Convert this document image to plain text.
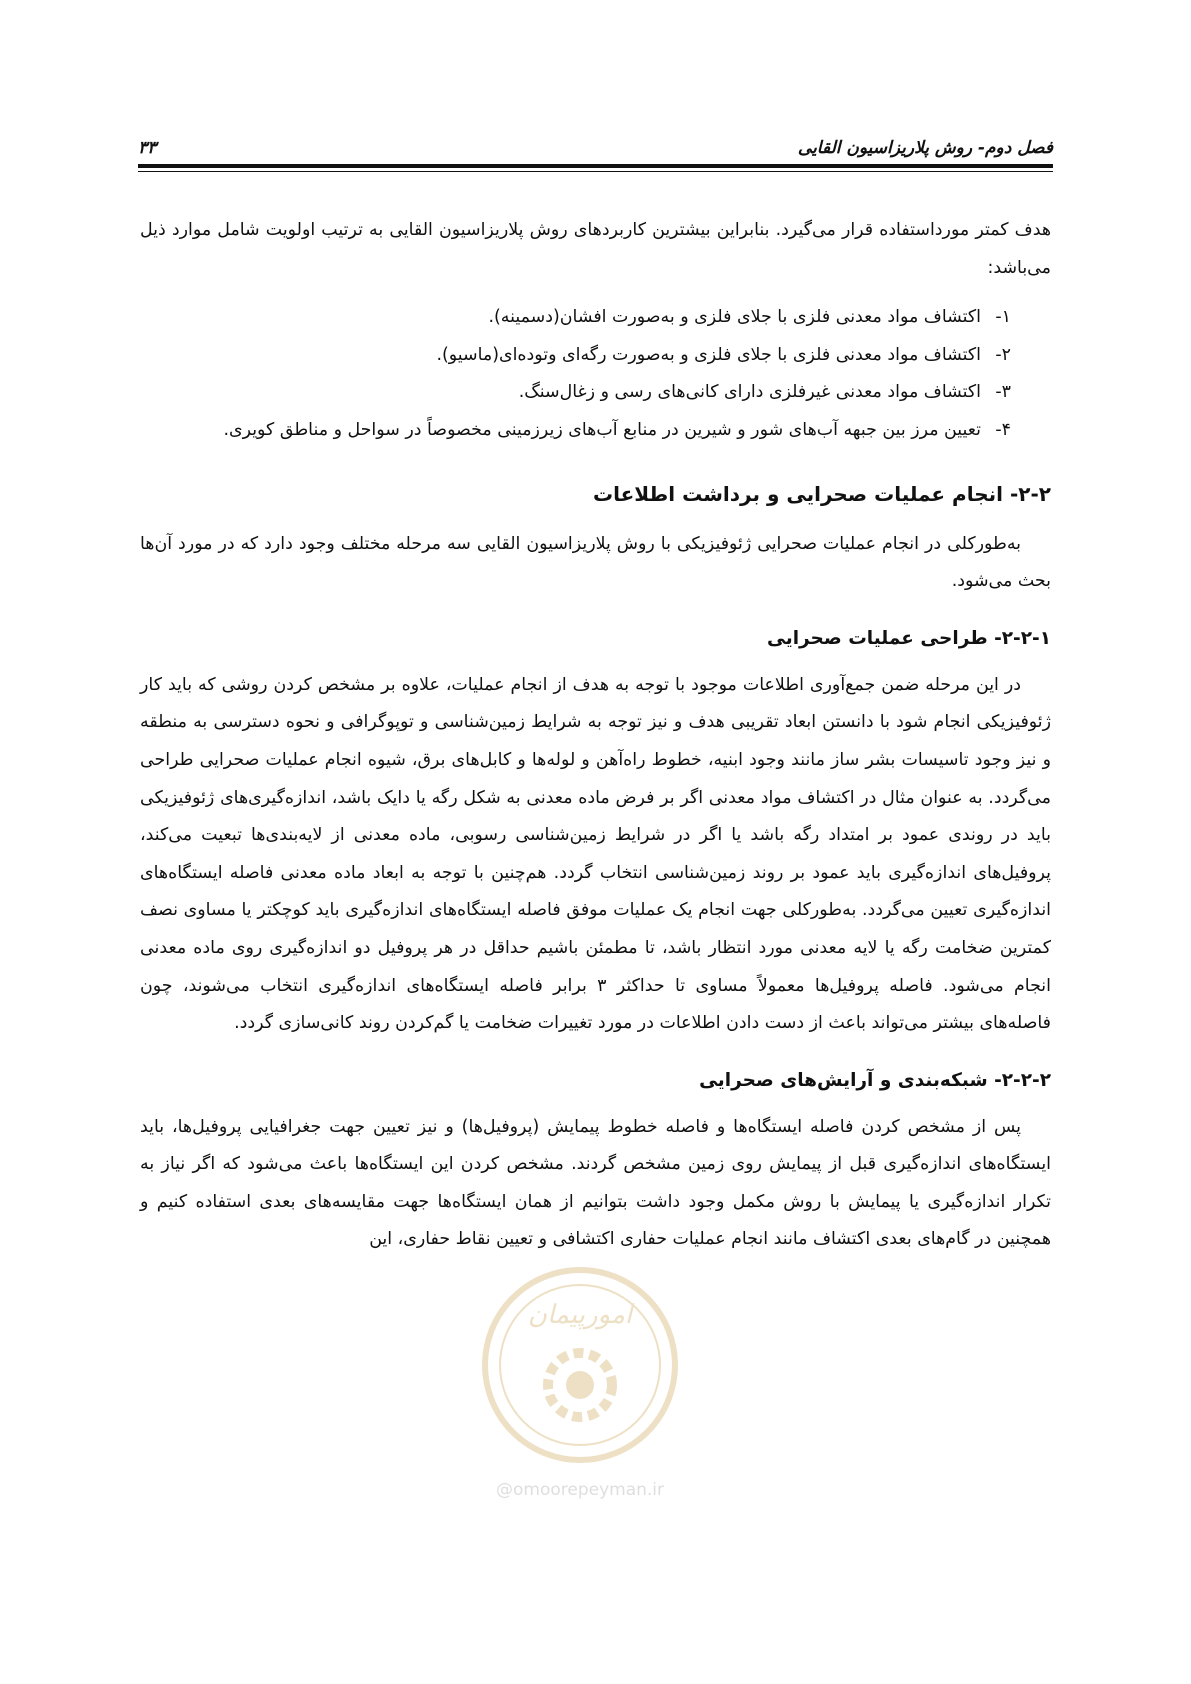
فصل دوم- روش پلاریزاسیون القایی
۳۳

هدف کمتر مورداستفاده قرار می‌گیرد. بنابراین بیشترین کاربردهای روش پلاریزاسیون القایی به ترتیب اولویت شامل موارد ذیل می‌باشد:

۱-
اکتشاف مواد معدنی فلزی با جلای فلزی و به‌صورت افشان(دسمینه).
۲-
اکتشاف مواد معدنی فلزی با جلای فلزی و به‌صورت رگه‌ای وتوده‌ای(ماسیو).
۳-
اکتشاف مواد معدنی غیرفلزی دارای کانی‌های رسی و زغال‌سنگ.
۴-
تعیین مرز بین جبهه آب‌های شور و شیرین در منابع آب‌های زیرزمینی مخصوصاً در سواحل و مناطق کویری.
۲-۲- انجام عملیات صحرایی و برداشت اطلاعات

به‌طورکلی در انجام عملیات صحرایی ژئوفیزیکی با روش پلاریزاسیون القایی سه مرحله مختلف وجود دارد که در مورد آن‌ها بحث می‌شود.

۲-۲-۱- طراحی عملیات صحرایی

در این مرحله ضمن جمع‌آوری اطلاعات موجود با توجه به هدف از انجام عملیات، علاوه بر مشخص کردن روشی که باید کار ژئوفیزیکی انجام شود با دانستن ابعاد تقریبی هدف و نیز توجه به شرایط زمین‌شناسی و توپوگرافی و نحوه دسترسی به منطقه و نیز وجود تاسیسات بشر ساز مانند وجود ابنیه، خطوط راه‌آهن و لوله‌ها و کابل‌های برق، شیوه انجام عملیات صحرایی طراحی می‌گردد. به عنوان مثال در اکتشاف مواد معدنی اگر بر فرض ماده معدنی به شکل رگه یا دایک باشد، اندازه‌گیری‌های ژئوفیزیکی باید در روندی عمود بر امتداد رگه باشد یا اگر در شرایط زمین‌شناسی رسوبی، ماده معدنی از لایه‌بندی‌ها تبعیت می‌کند، پروفیل‌های اندازه‌گیری باید عمود بر روند زمین‌شناسی انتخاب گردد. هم‌چنین با توجه به ابعاد ماده معدنی فاصله ایستگاه‌های اندازه‌گیری تعیین می‌گردد. به‌طورکلی جهت انجام یک عملیات موفق فاصله ایستگاه‌های اندازه‌گیری باید کوچکتر یا مساوی نصف کمترین ضخامت رگه یا لایه معدنی مورد انتظار باشد، تا مطمئن باشیم حداقل در هر پروفیل دو اندازه‌گیری روی ماده معدنی انجام می‌شود. فاصله پروفیل‌ها معمولاً مساوی تا حداکثر ۳ برابر فاصله ایستگاه‌های اندازه‌گیری انتخاب می‌شوند، چون فاصله‌های بیشتر می‌تواند باعث از دست دادن اطلاعات در مورد تغییرات ضخامت یا گم‌کردن روند کانی‌سازی گردد.

۲-۲-۲- شبکه‌بندی و آرایش‌های صحرایی

پس از مشخص کردن فاصله ایستگاه‌ها و فاصله خطوط پیمایش (پروفیل‌ها) و نیز تعیین جهت جغرافیایی پروفیل‌ها، باید ایستگاه‌های اندازه‌گیری قبل از پیمایش روی زمین مشخص گردند. مشخص کردن این ایستگاه‌ها باعث می‌شود که اگر نیاز به تکرار اندازه‌گیری یا پیمایش با روش مکمل وجود داشت بتوانیم از همان ایستگاه‌ها جهت مقایسه‌های بعدی استفاده کنیم و همچنین در گام‌های بعدی اکتشاف مانند انجام عملیات حفاری اکتشافی و تعیین نقاط حفاری، این

امورپیمان
@omoorepeyman.ir
